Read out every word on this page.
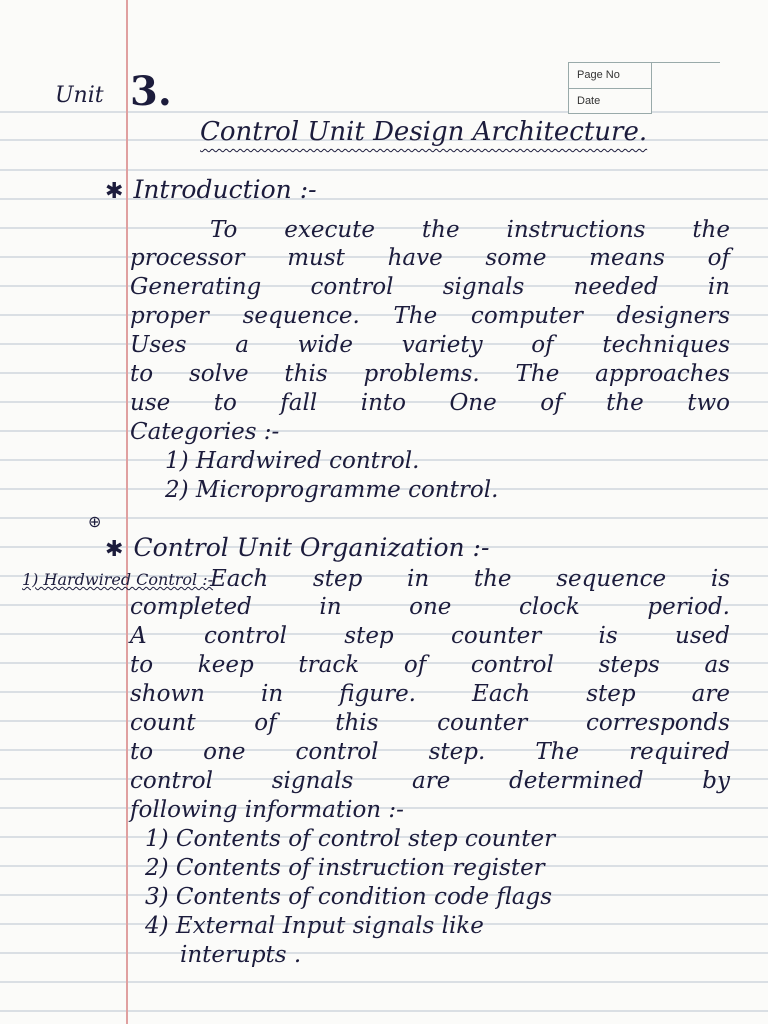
Page No
Date
Unit 3.
Control Unit Design Architecture.
✱ Introduction :-
To execute the instructions the
processor must have some means of
Generating control signals needed in
proper sequence. The computer designers
Uses a wide variety of techniques
to solve this problems. The approaches
use to fall into One of the two
Categories :-
1) Hardwired control.
2) Microprogramme control.
⊕
✱ Control Unit Organization :-
1) Hardwired Control :-
Each step in the sequence is
completed in one clock period.
A control step counter is used
to keep track of control steps as
shown in figure. Each step are
count of this counter corresponds
to one control step. The required
control signals are determined by
following information :-
1) Contents of control step counter
2) Contents of instruction register
3) Contents of condition code flags
4) External Input signals like
interupts .
